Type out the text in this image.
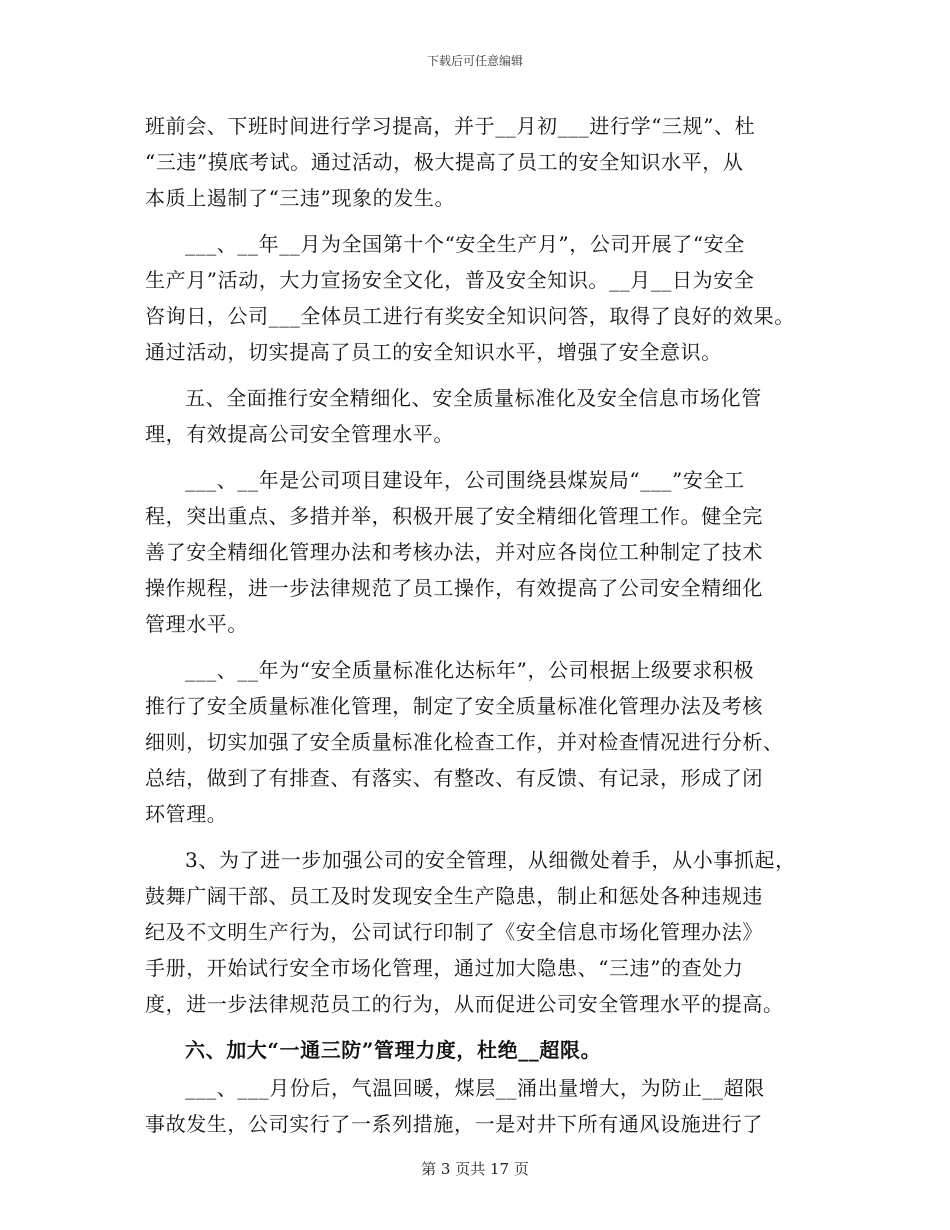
下载后可任意编辑
班前会、下班时间进行学习提高，并于__月初___进行学“三规”、杜
“三违”摸底考试。通过活动，极大提高了员工的安全知识水平，从
本质上遏制了“三违”现象的发生。
___、__年__月为全国第十个“安全生产月”，公司开展了“安全
生产月”活动，大力宣扬安全文化，普及安全知识。__月__日为安全
咨询日，公司___全体员工进行有奖安全知识问答，取得了良好的效果。
通过活动，切实提高了员工的安全知识水平，增强了安全意识。
五、全面推行安全精细化、安全质量标准化及安全信息市场化管
理，有效提高公司安全管理水平。
___、__年是公司项目建设年，公司围绕县煤炭局“___”安全工
程，突出重点、多措并举，积极开展了安全精细化管理工作。健全完
善了安全精细化管理办法和考核办法，并对应各岗位工种制定了技术
操作规程，进一步法律规范了员工操作，有效提高了公司安全精细化
管理水平。
___、__年为“安全质量标准化达标年”，公司根据上级要求积极
推行了安全质量标准化管理，制定了安全质量标准化管理办法及考核
细则，切实加强了安全质量标准化检查工作，并对检查情况进行分析、
总结，做到了有排查、有落实、有整改、有反馈、有记录，形成了闭
环管理。
3、为了进一步加强公司的安全管理，从细微处着手，从小事抓起，
鼓舞广阔干部、员工及时发现安全生产隐患，制止和惩处各种违规违
纪及不文明生产行为，公司试行印制了《安全信息市场化管理办法》
手册，开始试行安全市场化管理，通过加大隐患、“三违”的查处力
度，进一步法律规范员工的行为，从而促进公司安全管理水平的提高。
六、加大“一通三防”管理力度，杜绝__超限。
___、___月份后，气温回暖，煤层__涌出量增大，为防止__超限
事故发生，公司实行了一系列措施，一是对井下所有通风设施进行了
第 3 页共 17 页
